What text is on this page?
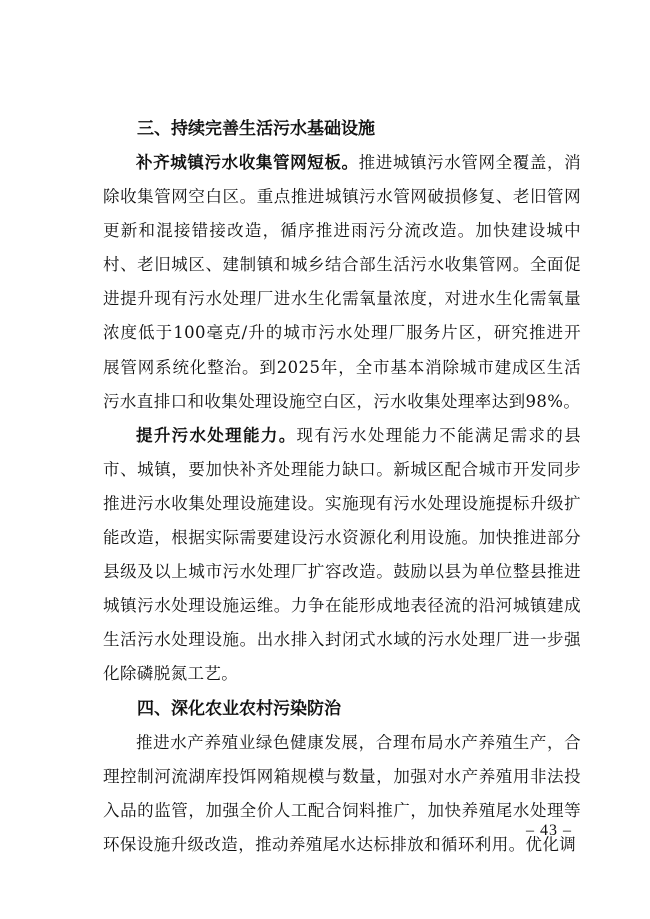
三、持续完善生活污水基础设施

补齐城镇污水收集管网短板。推进城镇污水管网全覆盖，消除收集管网空白区。重点推进城镇污水管网破损修复、老旧管网更新和混接错接改造，循序推进雨污分流改造。加快建设城中村、老旧城区、建制镇和城乡结合部生活污水收集管网。全面促进提升现有污水处理厂进水生化需氧量浓度，对进水生化需氧量浓度低于100毫克/升的城市污水处理厂服务片区，研究推进开展管网系统化整治。到2025年，全市基本消除城市建成区生活污水直排口和收集处理设施空白区，污水收集处理率达到98%。

提升污水处理能力。现有污水处理能力不能满足需求的县市、城镇，要加快补齐处理能力缺口。新城区配合城市开发同步推进污水收集处理设施建设。实施现有污水处理设施提标升级扩能改造，根据实际需要建设污水资源化利用设施。加快推进部分县级及以上城市污水处理厂扩容改造。鼓励以县为单位整县推进城镇污水处理设施运维。力争在能形成地表径流的沿河城镇建成生活污水处理设施。出水排入封闭式水域的污水处理厂进一步强化除磷脱氮工艺。

四、深化农业农村污染防治

推进水产养殖业绿色健康发展，合理布局水产养殖生产，合理控制河流湖库投饵网箱规模与数量，加强对水产养殖用非法投入品的监管，加强全价人工配合饲料推广，加快养殖尾水处理等环保设施升级改造，推动养殖尾水达标排放和循环利用。优化调

– 43 –
